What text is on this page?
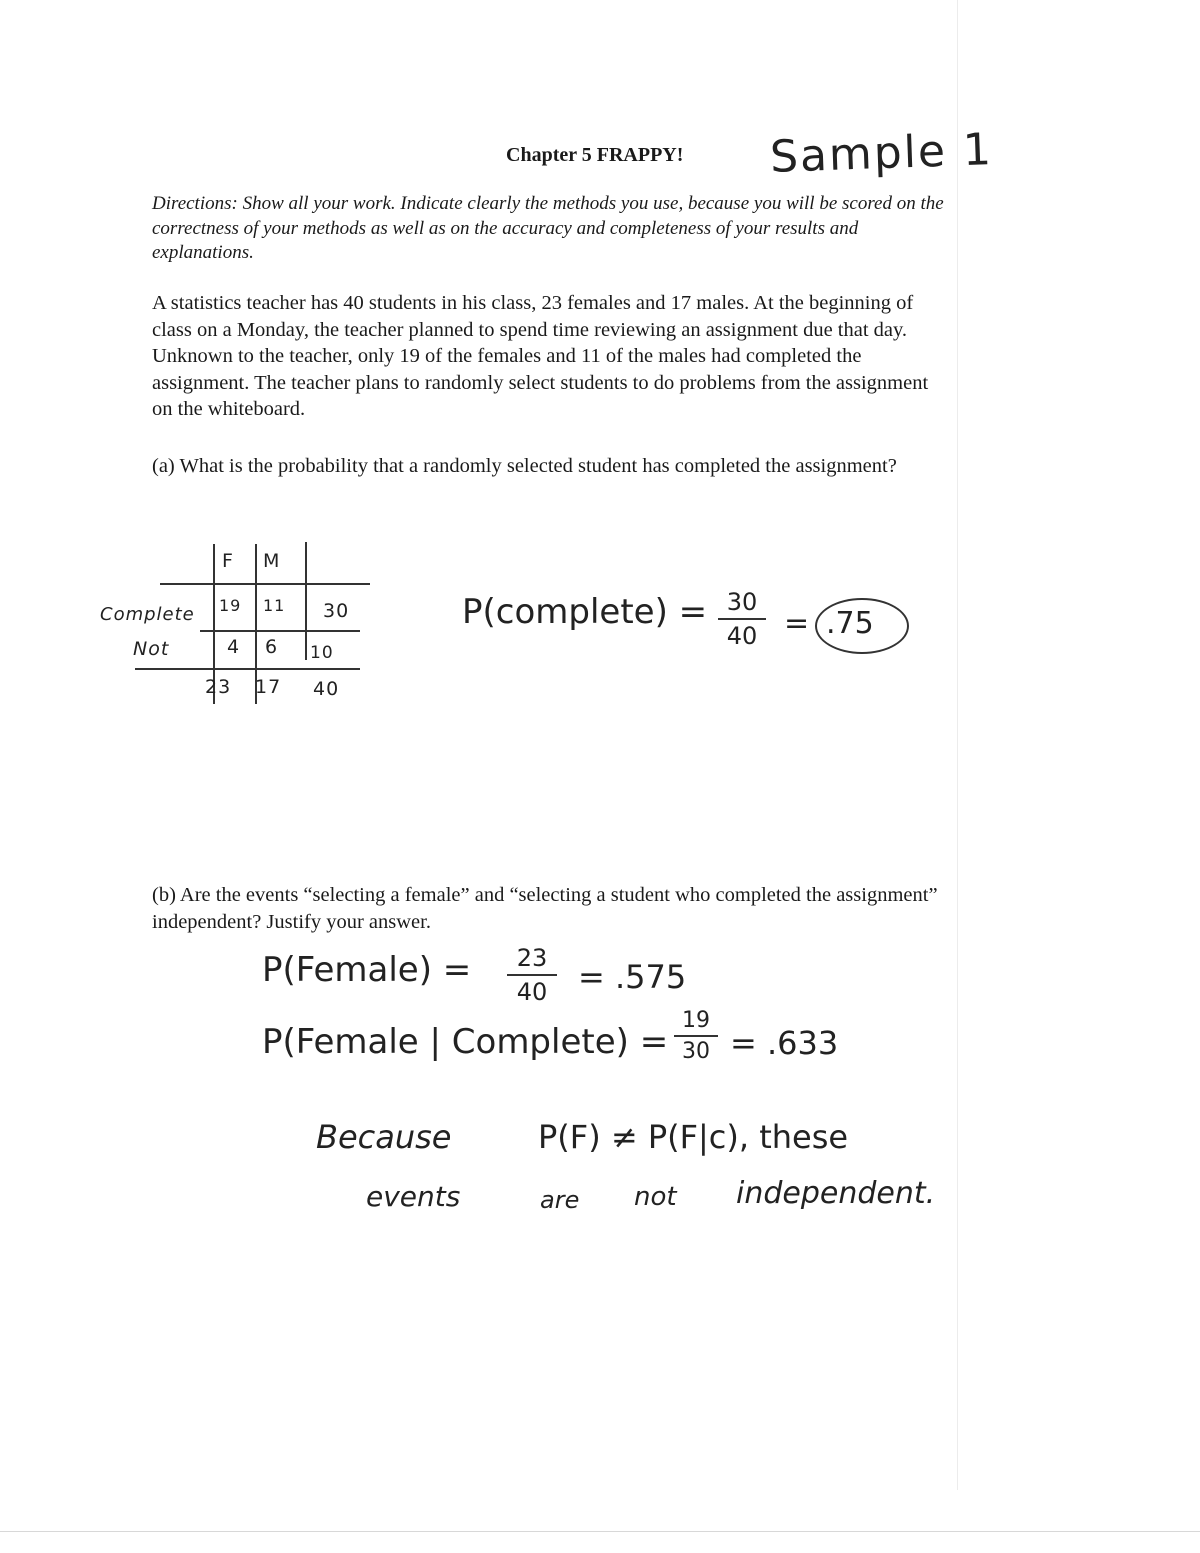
Chapter 5 FRAPPY! Sample 1
Directions: Show all your work. Indicate clearly the methods you use, because you will be scored on the
correctness of your methods as well as on the accuracy and completeness of your results and
explanations.
A statistics teacher has 40 students in his class, 23 females and 17 males. At the beginning of
class on a Monday, the teacher planned to spend time reviewing an assignment due that day.
Unknown to the teacher, only 19 of the females and 11 of the males had completed the
assignment. The teacher plans to randomly select students to do problems from the assignment
on the whiteboard.
(a) What is the probability that a randomly selected student has completed the assignment?
F M
Complete 19 11 30
Not	4 6 10
23 17 40
P(complete) = 30
40 = .75
(b) Are the events “selecting a female” and “selecting a student who completed the assignment”
independent? Justify your answer.
P(Female) =	23
40 = .575
P(Female | Complete) =
19
30 = .633
Because	P(F) ≠ P(F|c), these
events	are not independent.
